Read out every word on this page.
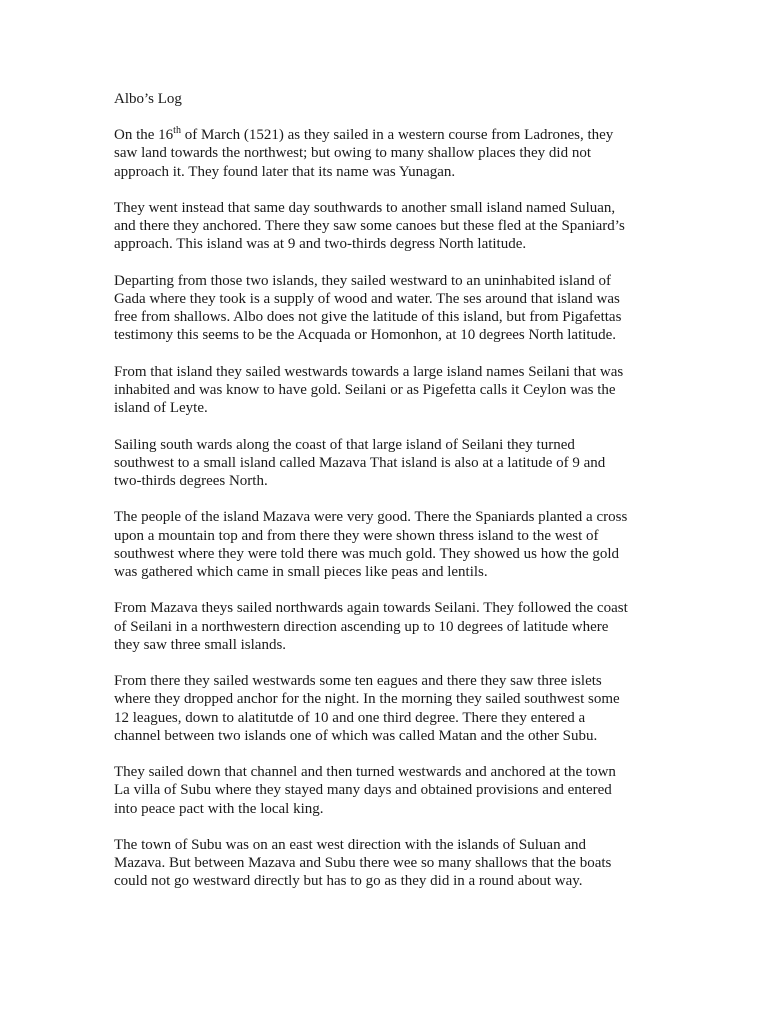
Albo’s Log

On the 16th of March (1521) as they sailed in a western course from Ladrones, they saw land towards the northwest; but owing to many shallow places they did not approach it. They found later that its name was Yunagan.

They went instead that same day southwards to another small island named Suluan, and there they anchored. There they saw some canoes but these fled at the Spaniard’s approach. This island was at 9 and two-thirds degress North latitude.

Departing from those two islands, they sailed westward to an uninhabited island of Gada where they took is a supply of wood and water. The ses around that island was free from shallows. Albo does not give the latitude of this island, but from Pigafettas testimony this seems to be the Acquada or Homonhon, at 10 degrees North latitude.

From that island they sailed westwards towards a large island names Seilani that was inhabited and was know to have gold. Seilani or as Pigefetta calls it Ceylon was the island of Leyte.

Sailing south wards along the coast of that large island of Seilani they turned southwest to a small island called Mazava That island is also at a latitude of 9 and two-thirds degrees North.

The people of the island Mazava were very good. There the Spaniards planted a cross upon a mountain top and from there they were shown thress island to the west of southwest where they were told there was much gold. They showed us how the gold was gathered which came in small pieces like peas and lentils.

From Mazava theys sailed northwards again towards Seilani. They followed the coast of Seilani in a northwestern direction ascending up to 10 degrees of latitude where they saw three small islands.

From there they sailed westwards some ten eagues and there they saw three islets where they dropped anchor for the night. In the morning they sailed southwest some 12 leagues, down to alatitutde of 10 and one third degree. There they entered a channel between two islands one of which was called Matan and the other Subu.

They sailed down that channel and then turned westwards and anchored at the town La villa of Subu where they stayed many days and obtained provisions and entered into peace pact with the local king.

The town of Subu was on an east west direction with the islands of Suluan and Mazava. But between Mazava and Subu there wee so many shallows that the boats could not go westward directly but has to go as they did in a round about way.
